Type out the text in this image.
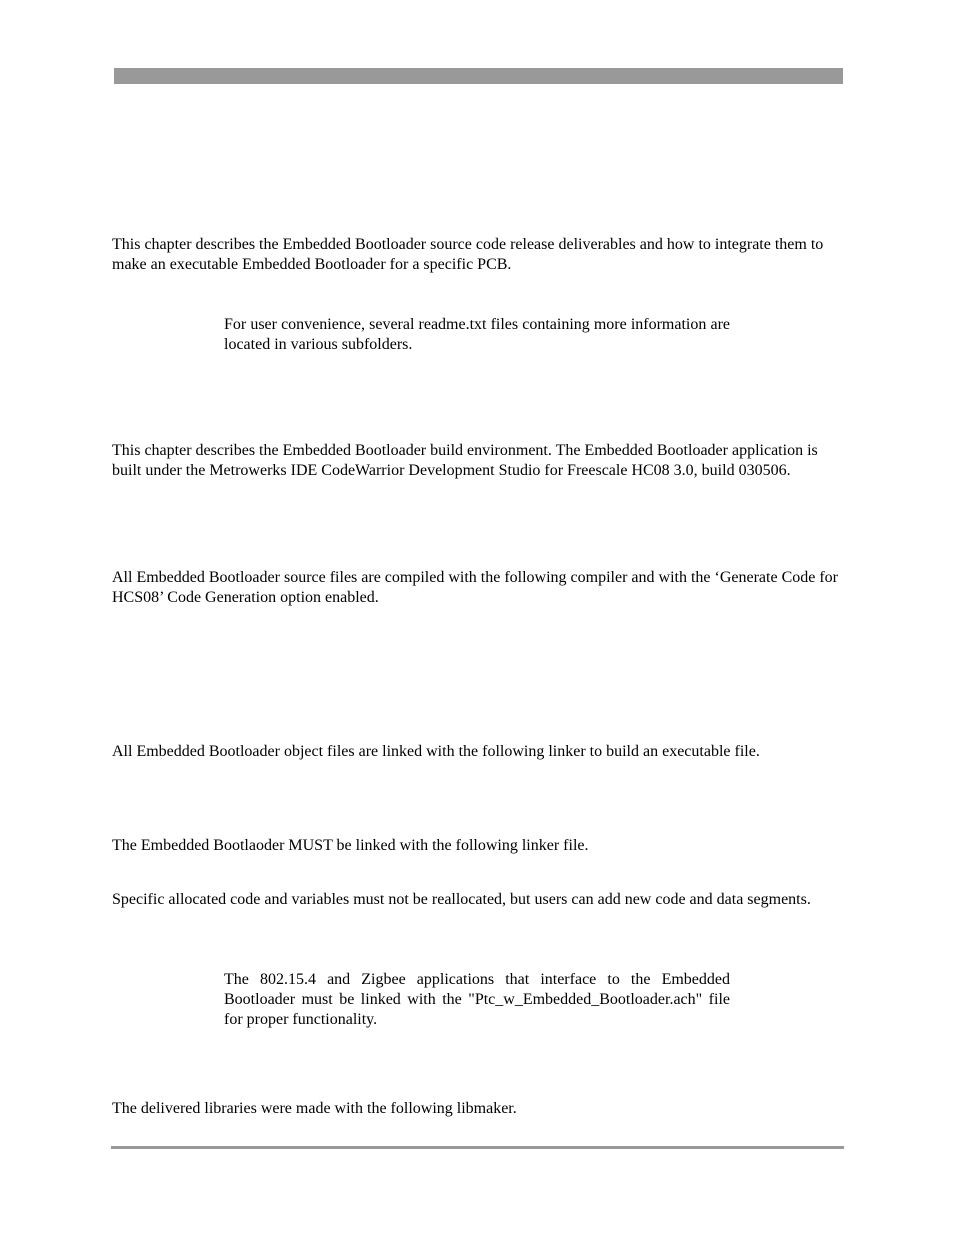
This chapter describes the Embedded Bootloader source code release deliverables and how to integrate them to make an executable Embedded Bootloader for a specific PCB.

For user convenience, several readme.txt files containing more information are located in various subfolders.

This chapter describes the Embedded Bootloader build environment. The Embedded Bootloader application is built under the Metrowerks IDE CodeWarrior Development Studio for Freescale HC08 3.0, build 030506.

All Embedded Bootloader source files are compiled with the following compiler and with the ‘Generate Code for HCS08’ Code Generation option enabled.

All Embedded Bootloader object files are linked with the following linker to build an executable file.

The Embedded Bootlaoder MUST be linked with the following linker file.

Specific allocated code and variables must not be reallocated, but users can add new code and data segments.

The 802.15.4 and Zigbee applications that interface to the Embedded Bootloader must be linked with the "Ptc_w_Embedded_Bootloader.ach" file for proper functionality.

The delivered libraries were made with the following libmaker.
